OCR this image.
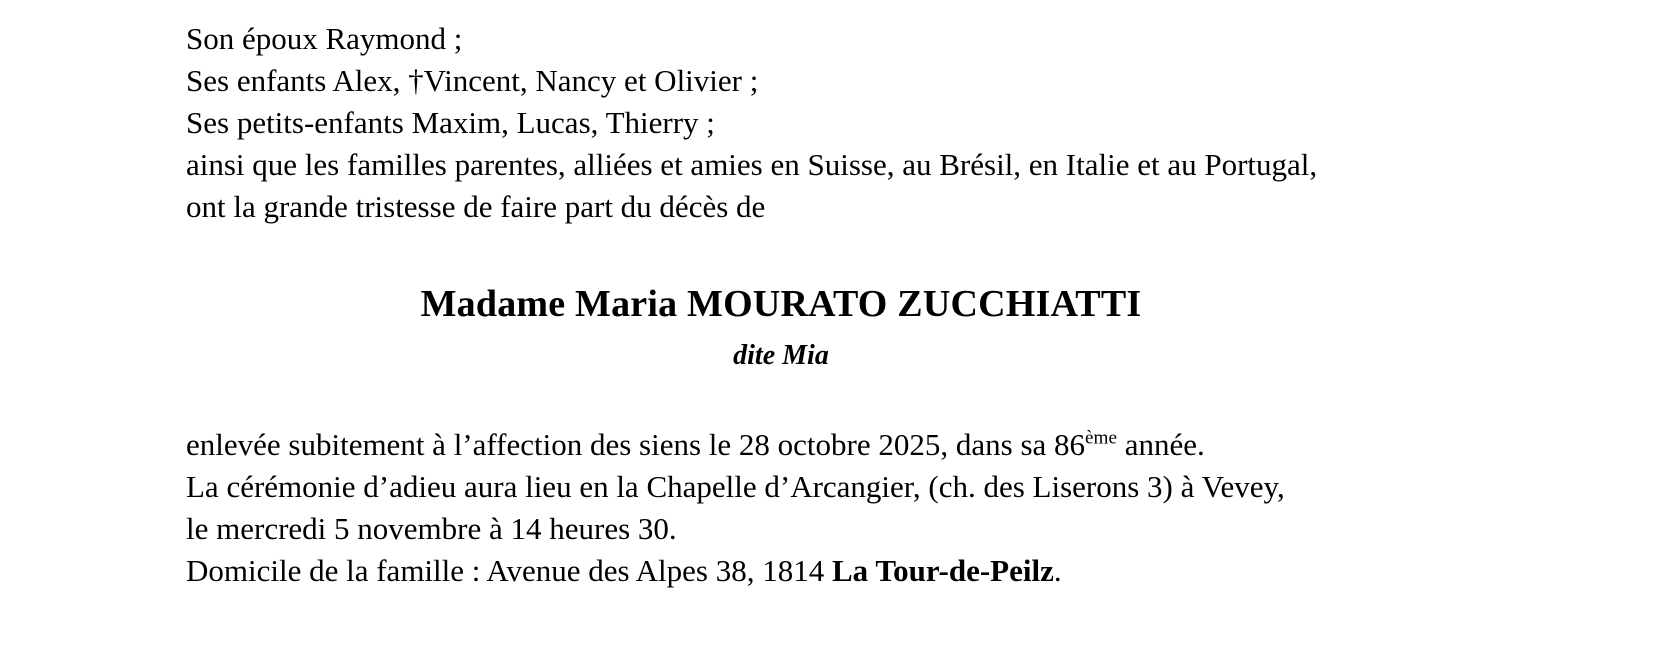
Son époux Raymond ;
Ses enfants Alex, †Vincent, Nancy et Olivier ;
Ses petits-enfants Maxim, Lucas, Thierry ;
ainsi que les familles parentes, alliées et amies en Suisse, au Brésil, en Italie et au Portugal,
ont la grande tristesse de faire part du décès de
Madame Maria MOURATO ZUCCHIATTI
dite Mia
enlevée subitement à l’affection des siens le 28 octobre 2025, dans sa 86ème année.
La cérémonie d’adieu aura lieu en la Chapelle d’Arcangier, (ch. des Liserons 3) à Vevey,
le mercredi 5 novembre à 14 heures 30.
Domicile de la famille : Avenue des Alpes 38, 1814 La Tour-de-Peilz.
